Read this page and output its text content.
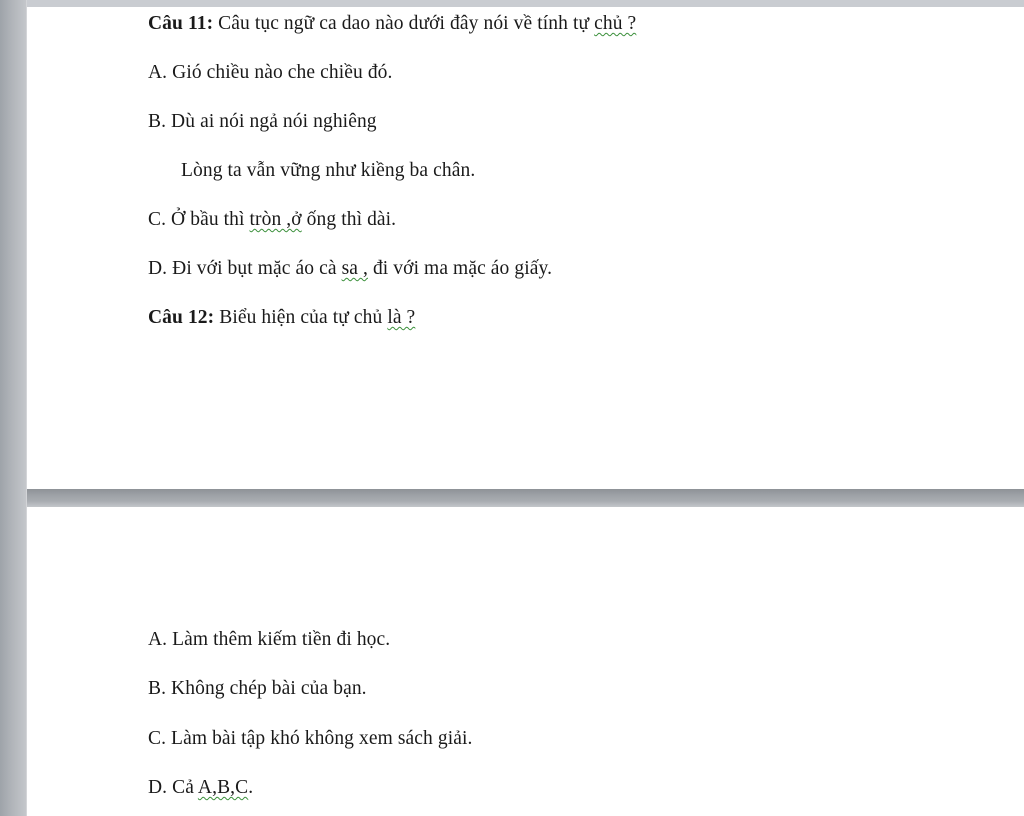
Câu 11: Câu tục ngữ ca dao nào dưới đây nói về tính tự chủ ?
A. Gió chiều nào che chiều đó.
B. Dù ai nói ngả nói nghiêng
Lòng ta vẫn vững như kiềng ba chân.
C. Ở bầu thì tròn ,ở ống thì dài.
D. Đi với bụt mặc áo cà sa , đi với ma mặc áo giấy.
Câu 12: Biểu hiện của tự chủ là ?
A. Làm thêm kiếm tiền đi học.
B. Không chép bài của bạn.
C. Làm bài tập khó không xem sách giải.
D. Cả A,B,C.
